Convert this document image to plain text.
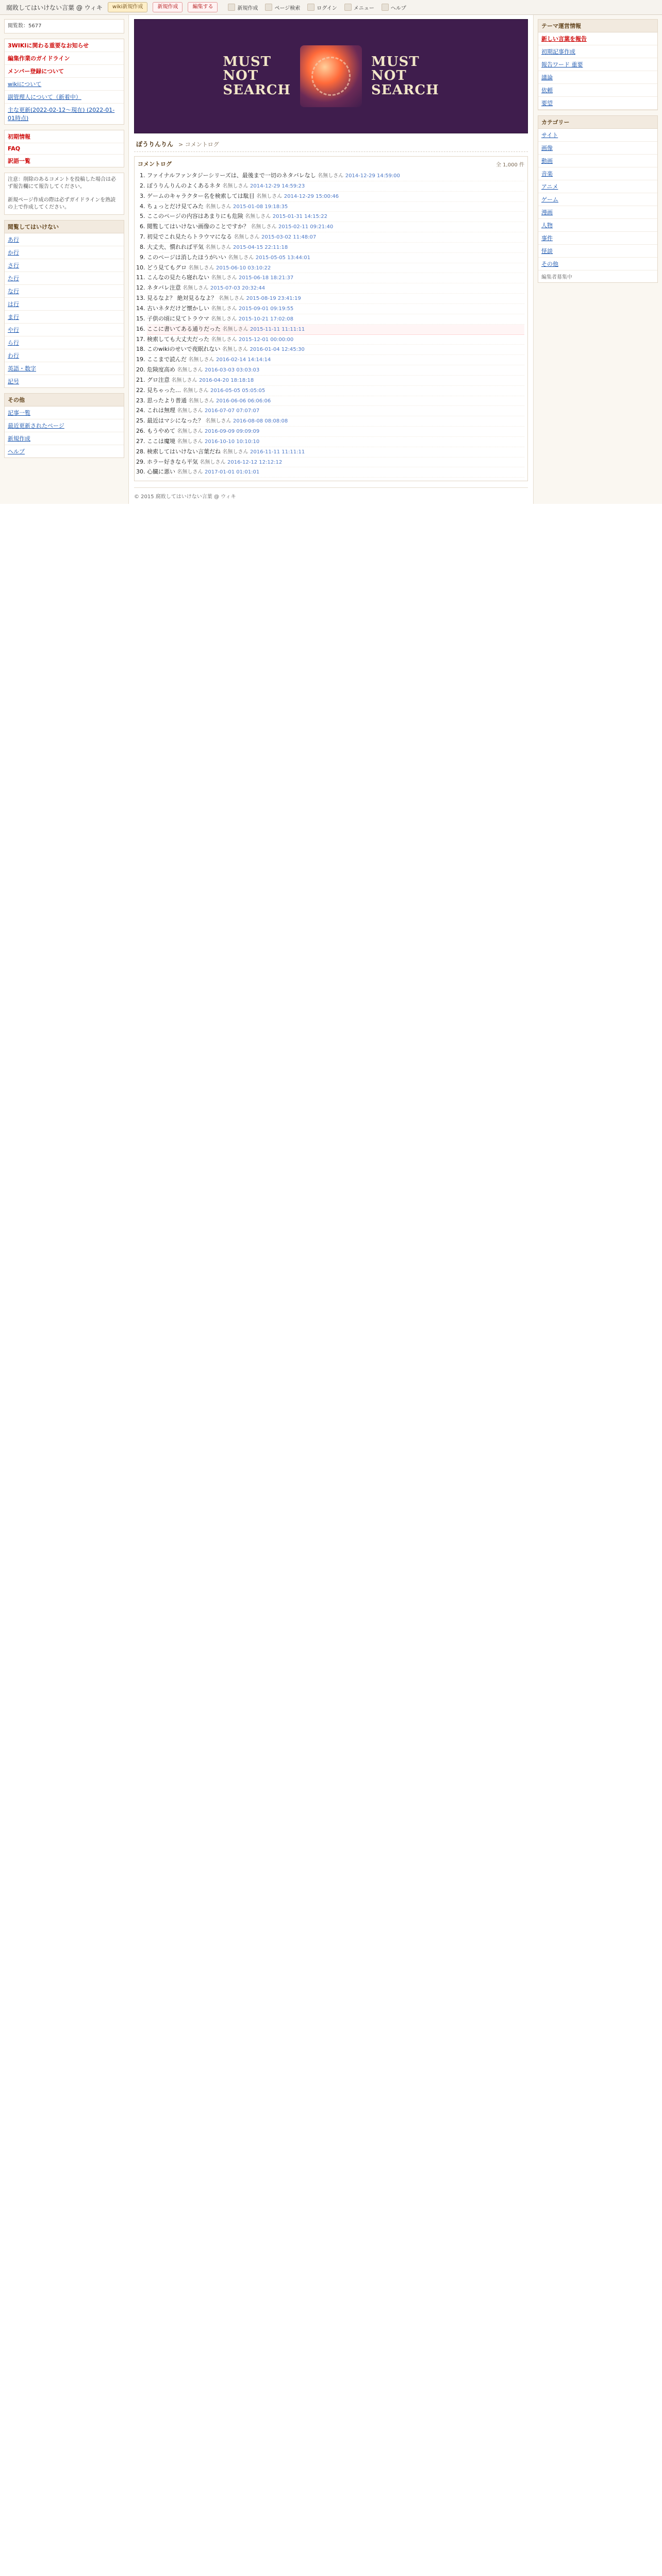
腐敗してはいけない言葉 @ ウィキ	wiki新規作成	新規作成	編集する	新規作成	ページ検索	ログイン	メニュー	ヘルプ
閲覧数：5677
3WIKIに関わる重要なお知らせ
編集作業のガイドライン
メンバー登録について
wikiについて
副管理人について（新着中）
主な更新(2022-02-12～現在) (2022-01-01時点)
初期情報
FAQ
訳語一覧
注意：削除のあるコメントを投稿した場合は必ず報告欄にて報告してください。
新規ページ作成の際は必ずガイドラインを熟読の上で作成してください。
閲覧してはいけない
あ行
か行
さ行
た行
な行
は行
ま行
や行
ら行
わ行
英語・数字
記号
その他
記事一覧
最近更新されたページ
新規作成
ヘルプ
MUST
NOT
SEARCH
MUST
NOT
SEARCH
ぽうりんりん > コメントログ
コメントログ	全 1,000 件
1. ファイナルファンタジーシリーズは、最後まで一切のネタバレなし 名無しさん 2014-12-29 14:59:00
2. ぽうりんりんのよくあるネタ 名無しさん 2014-12-29 14:59:23
3. ゲームのキャラクター名を検索しては駄目 名無しさん 2014-12-29 15:00:46
4. ちょっとだけ見てみた 名無しさん 2015-01-08 19:18:35
5. ここのページの内容はあまりにも危険 名無しさん 2015-01-31 14:15:22
6. 閲覧してはいけない画像のことですか？ 名無しさん 2015-02-11 09:21:40
7. 初見でこれ見たらトラウマになる 名無しさん 2015-03-02 11:48:07
8. 大丈夫、慣れれば平気 名無しさん 2015-04-15 22:11:18
9. このページは消したほうがいい 名無しさん 2015-05-05 13:44:01
10. どう見てもグロ 名無しさん 2015-06-10 03:10:22
11. こんなの見たら寝れない 名無しさん 2015-06-18 18:21:37
12. ネタバレ注意 名無しさん 2015-07-03 20:32:44
13. 見るなよ？ 絶対見るなよ？ 名無しさん 2015-08-19 23:41:19
14. 古いネタだけど懐かしい 名無しさん 2015-09-01 09:19:55
15. 子供の頃に見てトラウマ 名無しさん 2015-10-21 17:02:08
16. ここに書いてある通りだった 名無しさん 2015-11-11 11:11:11
17. 検索しても大丈夫だった 名無しさん 2015-12-01 00:00:00
18. このwikiのせいで夜眠れない 名無しさん 2016-01-04 12:45:30
19. ここまで読んだ 名無しさん 2016-02-14 14:14:14
20. 危険度高め 名無しさん 2016-03-03 03:03:03
21. グロ注意 名無しさん 2016-04-20 18:18:18
22. 見ちゃった… 名無しさん 2016-05-05 05:05:05
23. 思ったより普通 名無しさん 2016-06-06 06:06:06
24. これは無理 名無しさん 2016-07-07 07:07:07
25. 最近はマシになった？ 名無しさん 2016-08-08 08:08:08
26. もうやめて 名無しさん 2016-09-09 09:09:09
27. ここは魔境 名無しさん 2016-10-10 10:10:10
28. 検索してはいけない言葉だね 名無しさん 2016-11-11 11:11:11
29. ホラー好きなら平気 名無しさん 2016-12-12 12:12:12
30. 心臓に悪い 名無しさん 2017-01-01 01:01:01
© 2015 腐敗してはいけない言葉 @ ウィキ
テーマ運営情報
新しい言葉を報告
初期記事作成
報告ワード 重要
議論
依頼
要望
カテゴリー
サイト
画像
動画
音楽
アニメ
ゲーム
漫画
人物
事件
怪談
その他
編集者募集中
